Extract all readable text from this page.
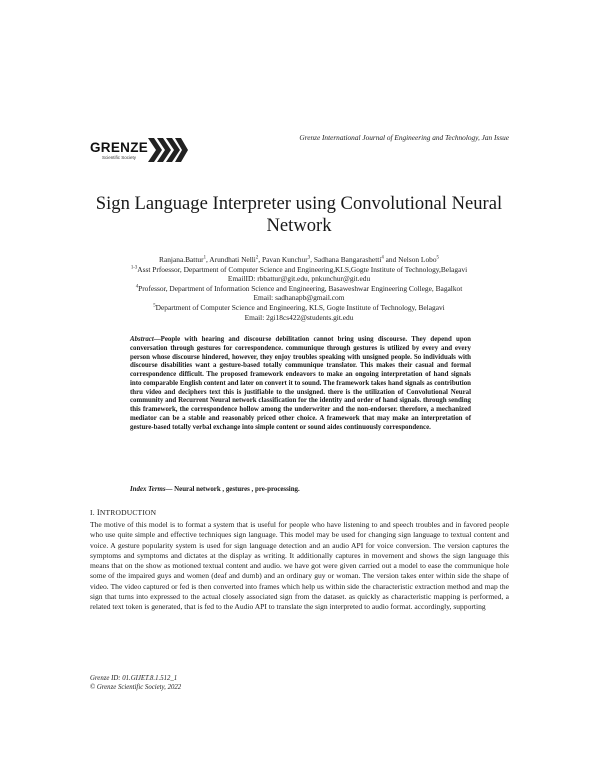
GRENZE
Scientific Society
Grenze International Journal of Engineering and Technology, Jan Issue
Sign Language Interpreter using Convolutional Neural Network
Ranjana.Battur$^1$, Arundhati Nelli$^2$, Pavan Kunchur$^3$, Sadhana Bangarashetti$^4$ and Nelson Lobo$^5$
$^{1-3}$Asst Prfoessor, Department of Computer Science and Engineering,KLS,Gogte Institute of Technology,Belagavi
EmailID: rbbattur@git.edu, pnkunchur@git.edu
$^4$Professor, Department of Information Science and Engineering, Basaweshwar Engineering College, Bagalkot
Email: sadhanapb@gmail.com
$^5$Department of Computer Science and Engineering, KLS, Gogte Institute of Technology, Belagavi
Email: 2gi18cs422@students.git.edu
Abstract—People with hearing and discourse debilitation cannot bring using discourse. They depend upon conversation through gestures for correspondence. communique through gestures is utilized by every and every person whose discourse hindered, however, they enjoy troubles speaking with unsigned people. So individuals with discourse disabilities want a gesture-based totally communique translator. This makes their casual and formal correspondence difficult. The proposed framework endeavors to make an ongoing interpretation of hand signals into comparable English content and later on convert it to sound. The framework takes hand signals as contribution thru video and deciphers text this is justifiable to the unsigned. there is the utilization of Convolutional Neural community and Recurrent Neural network classification for the identity and order of hand signals. through sending this framework, the correspondence hollow among the underwriter and the non-endorser. therefore, a mechanized mediator can be a stable and reasonably priced other choice. A framework that may make an interpretation of gesture-based totally verbal exchange into simple content or sound aides continuously correspondence.
Index Terms— Neural network , gestures , pre-processing.
I. INTRODUCTION
The motive of this model is to format a system that is useful for people who have listening to and speech troubles and in favored people who use quite simple and effective techniques sign language. This model may be used for changing sign language to textual content and voice. A gesture popularity system is used for sign language detection and an audio API for voice conversion. The version captures the symptoms and symptoms and dictates at the display as writing. It additionally captures in movement and shows the sign language this means that on the show as motioned textual content and audio. we have got were given carried out a model to ease the communique hole some of the impaired guys and women (deaf and dumb) and an ordinary guy or woman. The version takes enter within side the shape of video. The video captured or fed is then converted into frames which help us within side the characteristic extraction method and map the sign that turns into expressed to the actual closely associated sign from the dataset. as quickly as characteristic mapping is performed, a related text token is generated, that is fed to the Audio API to translate the sign interpreted to audio format. accordingly, supporting
Grenze ID: 01.GIJET.8.1.512_1
© Grenze Scientific Society, 2022
